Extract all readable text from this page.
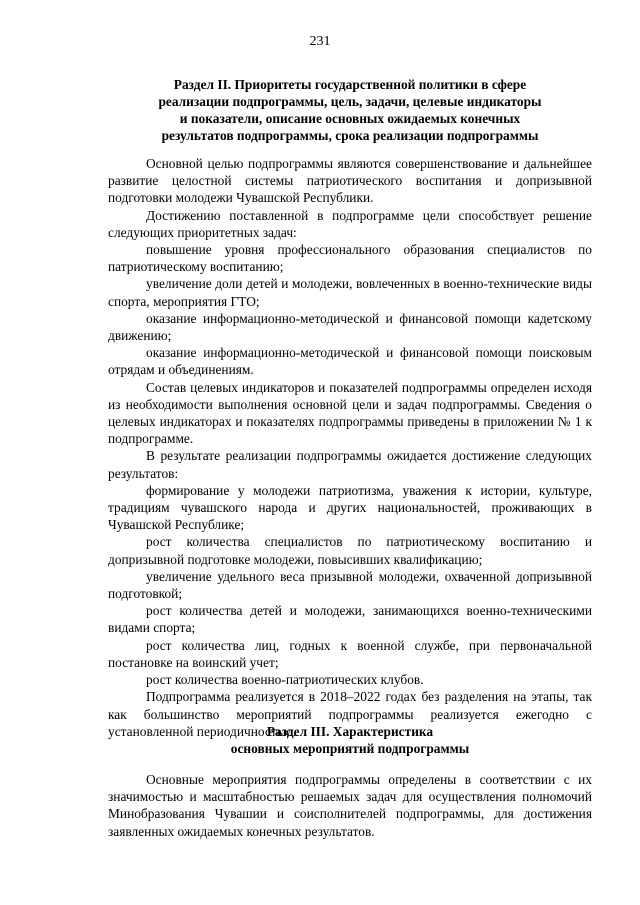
231
Раздел II. Приоритеты государственной политики в сфере
реализации подпрограммы, цель, задачи, целевые индикаторы
и показатели, описание основных ожидаемых конечных
результатов подпрограммы, срока реализации подпрограммы

Основной целью подпрограммы являются совершенствование и дальнейшее развитие целостной системы патриотического воспитания и допризывной подготовки молодежи Чувашской Республики.

Достижению поставленной в подпрограмме цели способствует решение следующих приоритетных задач:

повышение уровня профессионального образования специалистов по патриотическому воспитанию;

увеличение доли детей и молодежи, вовлеченных в военно-технические виды спорта, мероприятия ГТО;

оказание информационно-методической и финансовой помощи кадетскому движению;

оказание информационно-методической и финансовой помощи поисковым отрядам и объединениям.

Состав целевых индикаторов и показателей подпрограммы определен исходя из необходимости выполнения основной цели и задач подпрограммы. Сведения о целевых индикаторах и показателях подпрограммы приведены в приложении № 1 к подпрограмме.

В результате реализации подпрограммы ожидается достижение следующих результатов:

формирование у молодежи патриотизма, уважения к истории, культуре, традициям чувашского народа и других национальностей, проживающих в Чувашской Республике;

рост количества специалистов по патриотическому воспитанию и допризывной подготовке молодежи, повысивших квалификацию;

увеличение удельного веса призывной молодежи, охваченной допризывной подготовкой;

рост количества детей и молодежи, занимающихся военно-техническими видами спорта;

рост количества лиц, годных к военной службе, при первоначальной постановке на воинский учет;

рост количества военно-патриотических клубов.

Подпрограмма реализуется в 2018–2022 годах без разделения на этапы, так как большинство мероприятий подпрограммы реализуется ежегодно с установленной периодичностью.

Раздел III. Характеристика
основных мероприятий подпрограммы

Основные мероприятия подпрограммы определены в соответствии с их значимостью и масштабностью решаемых задач для осуществления полномочий Минобразования Чувашии и соисполнителей подпрограммы, для достижения заявленных ожидаемых конечных результатов.
